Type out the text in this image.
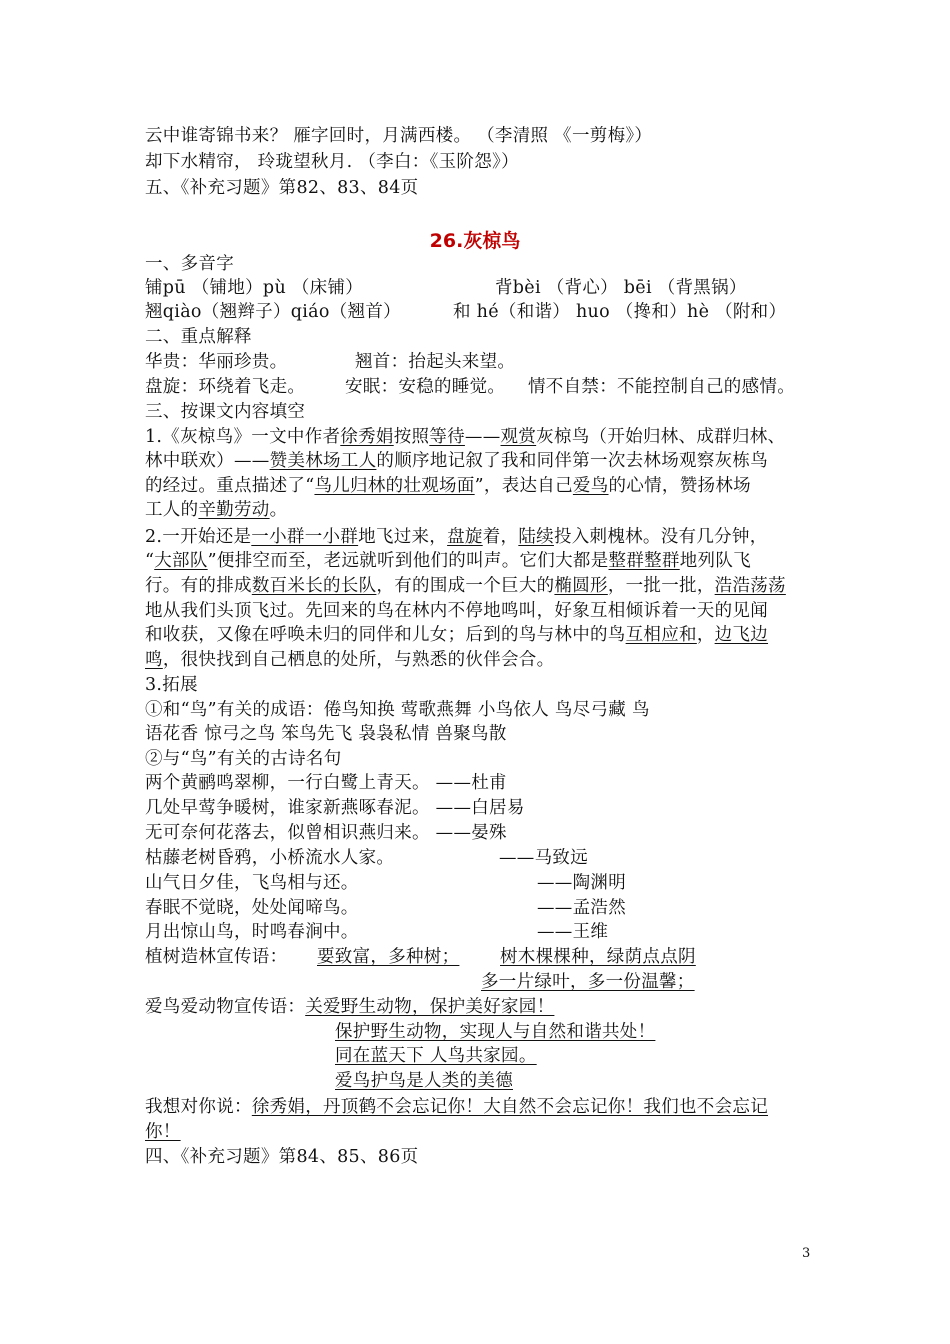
云中谁寄锦书来？ 雁字回时，月满西楼。 （李清照 《一剪梅》）
却下水精帘， 玲珑望秋月. （李白：《玉阶怨》）
五、《补充习题》第82、83、84页
26.灰椋鸟
一、多音字
铺pū （铺地）pù （床铺）	背bèi （背心） bēi （背黑锅）
翘qiào（翘辫子）qiáo（翘首）	和 hé（和谐） huo （搀和）hè （附和）
二、重点解释
华贵：华丽珍贵。	翘首：抬起头来望。
盘旋：环绕着飞走。 安眠：安稳的睡觉。 情不自禁：不能控制自己的感情。
三、按课文内容填空
1.《灰椋鸟》一文中作者徐秀娟按照等待——观赏灰椋鸟（开始归林、成群归林、
林中联欢）——赞美林场工人的顺序地记叙了我和同伴第一次去林场观察灰栋鸟
的经过。重点描述了“鸟儿归林的壮观场面”，表达自己爱鸟的心情，赞扬林场
工人的辛勤劳动。
2.一开始还是一小群一小群地飞过来，盘旋着，陆续投入刺槐林。没有几分钟，
“大部队”便排空而至，老远就听到他们的叫声。它们大都是整群整群地列队飞
行。有的排成数百米长的长队，有的围成一个巨大的椭圆形，一批一批，浩浩荡荡
地从我们头顶飞过。先回来的鸟在林内不停地鸣叫，好象互相倾诉着一天的见闻
和收获，又像在呼唤未归的同伴和儿女；后到的鸟与林中的鸟互相应和，边飞边
鸣，很快找到自己栖息的处所，与熟悉的伙伴会合。
3.拓展
①和“鸟”有关的成语：倦鸟知换 莺歌燕舞 小鸟依人 鸟尽弓藏 鸟
语花香 惊弓之鸟 笨鸟先飞 袅袅私情 兽聚鸟散
②与“鸟”有关的古诗名句
两个黄鹂鸣翠柳，一行白鹭上青天。 ——杜甫
几处早莺争暖树，谁家新燕啄春泥。 ——白居易
无可奈何花落去，似曾相识燕归来。 ——晏殊
枯藤老树昏鸦，小桥流水人家。	——马致远
山气日夕佳，飞鸟相与还。	——陶渊明
春眠不觉晓，处处闻啼鸟。	——孟浩然
月出惊山鸟，时鸣春涧中。	——王维
植树造林宣传语： 要致富，多种树； 树木棵棵种，绿荫点点阴
多一片绿叶，多一份温馨；
爱鸟爱动物宣传语：关爱野生动物，保护美好家园！
保护野生动物，实现人与自然和谐共处！
同在蓝天下 人鸟共家园。
爱鸟护鸟是人类的美德
我想对你说：徐秀娟，丹顶鹤不会忘记你！大自然不会忘记你！我们也不会忘记
你！
四、《补充习题》第84、85、86页
3
